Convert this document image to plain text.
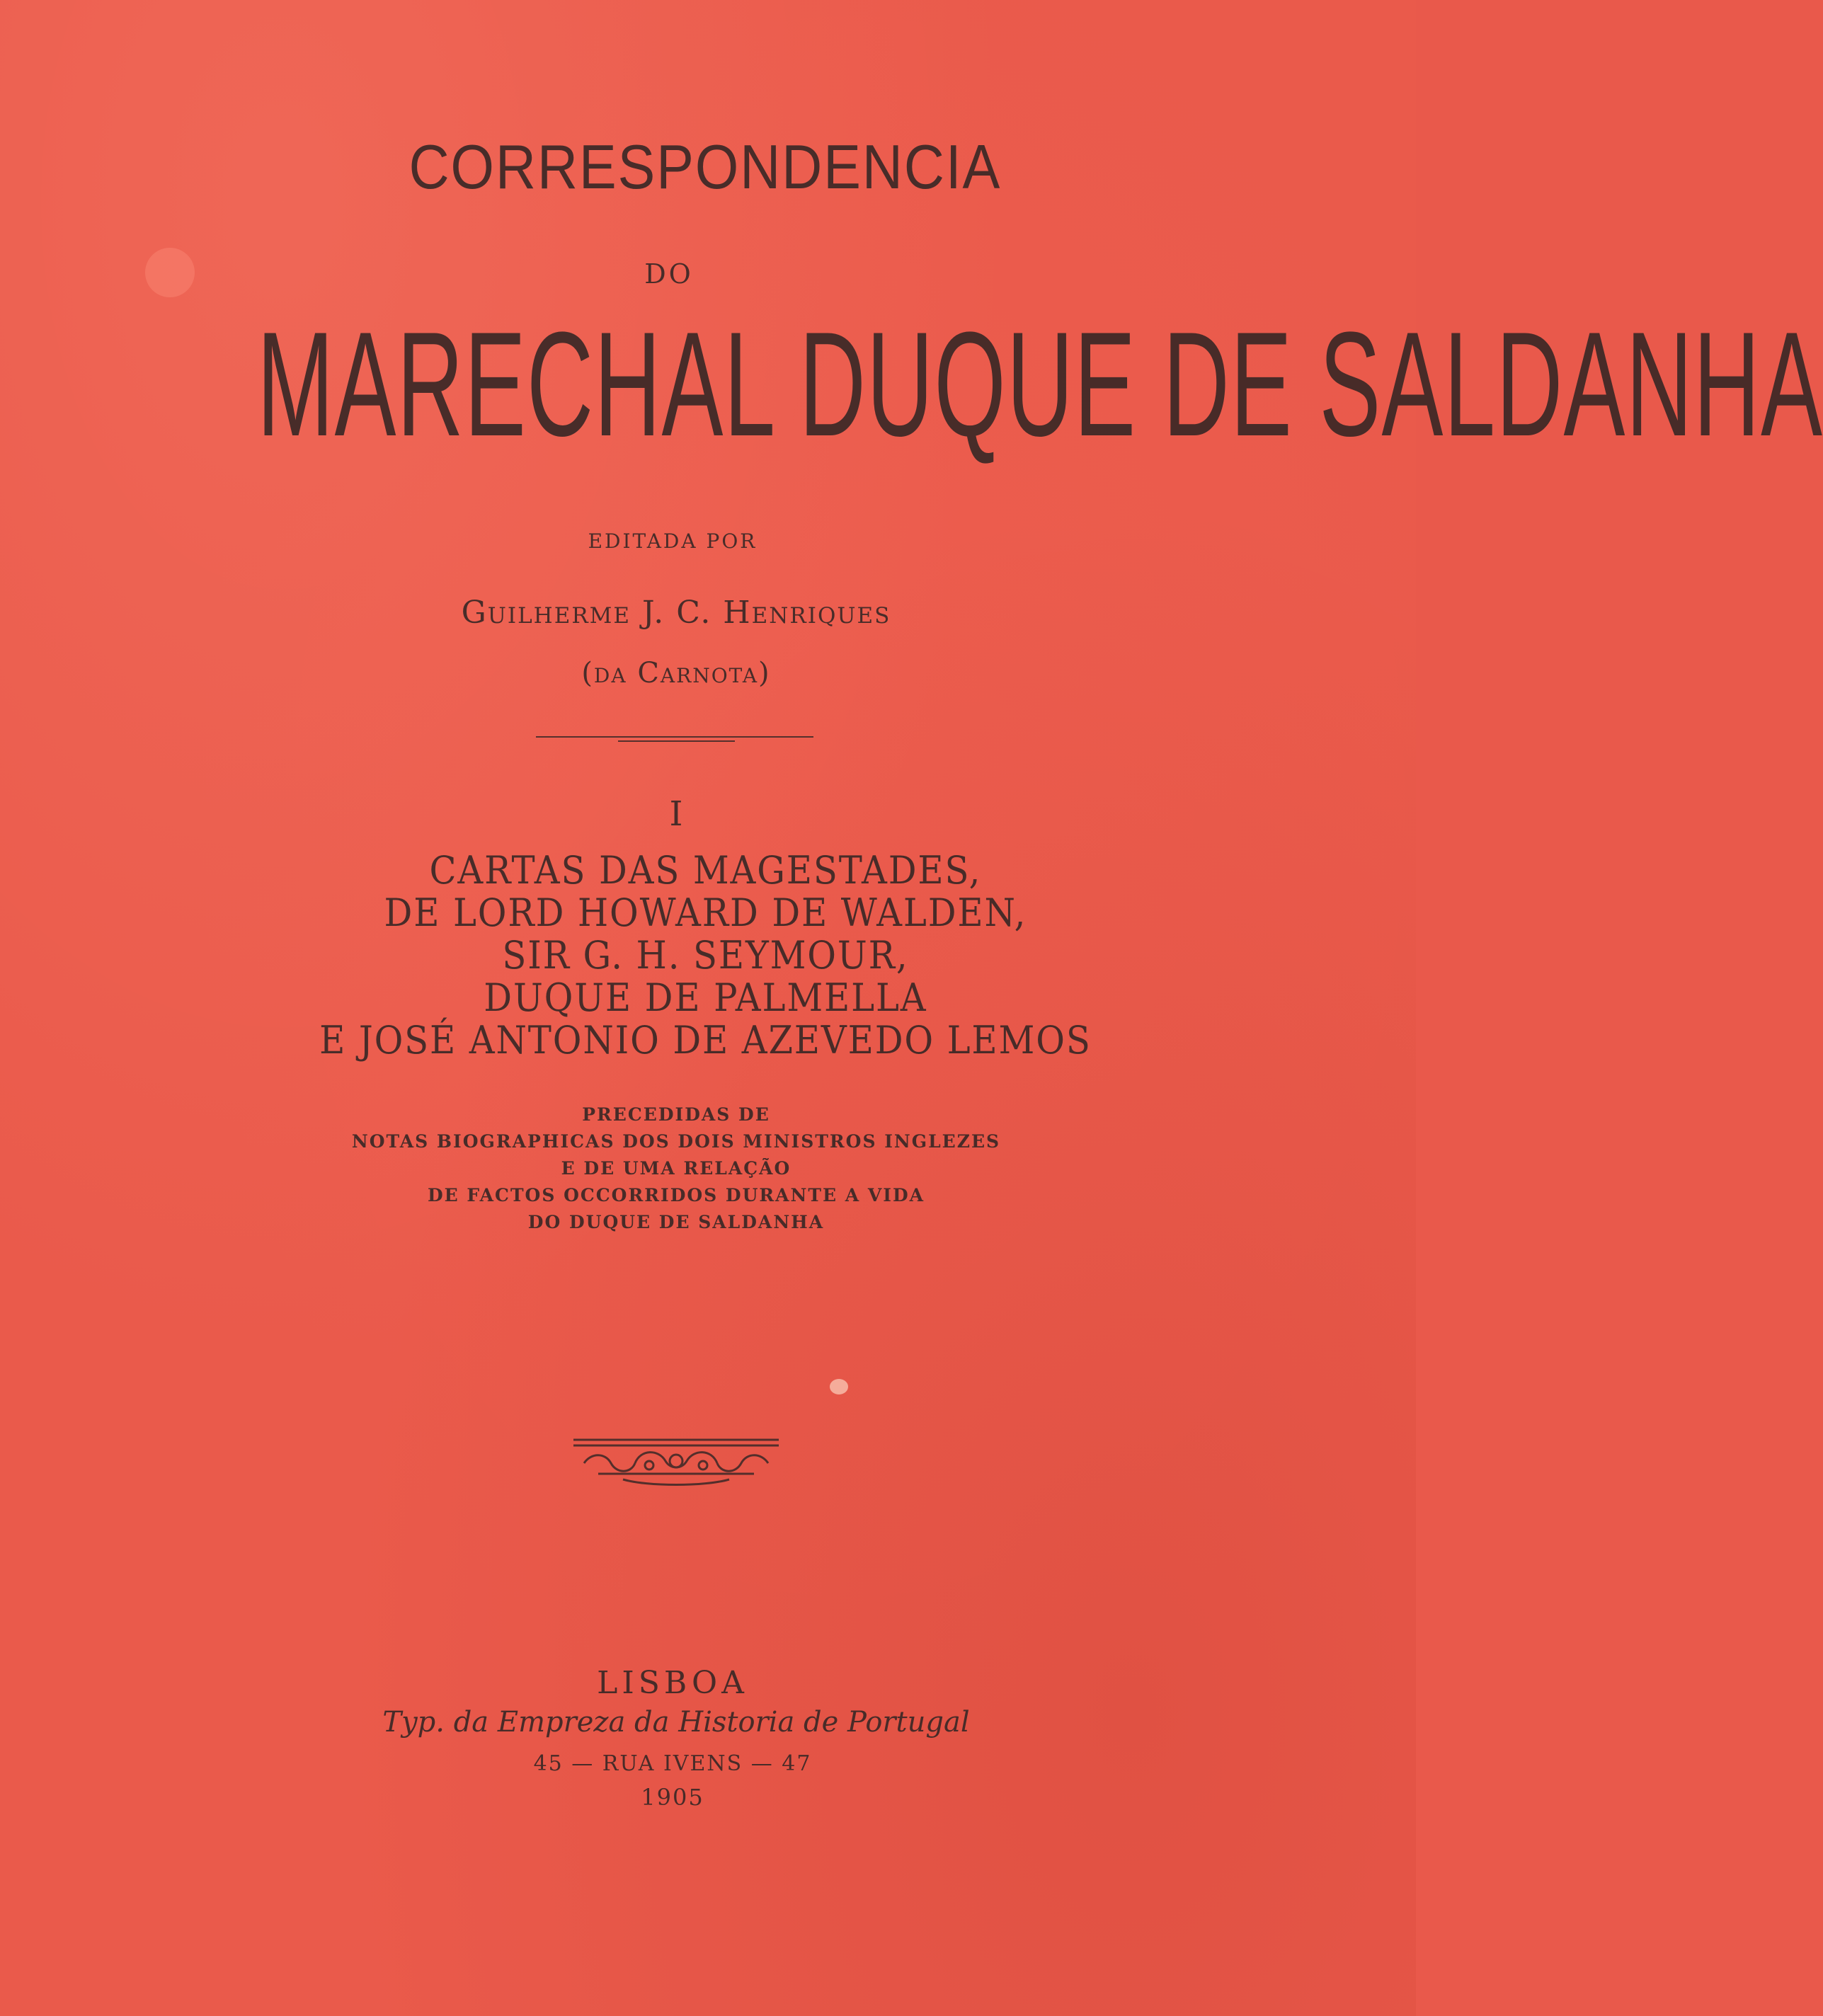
CORRESPONDENCIA
DO
MARECHAL DUQUE DE SALDANHA
EDITADA POR
Guilherme J. C. Henriques
(da Carnota)
I
CARTAS DAS MAGESTADES,
DE LORD HOWARD DE WALDEN,
SIR G. H. SEYMOUR,
DUQUE DE PALMELLA
E JOSÉ ANTONIO DE AZEVEDO LEMOS
PRECEDIDAS DE
NOTAS BIOGRAPHICAS DOS DOIS MINISTROS INGLEZES
E DE UMA RELAÇÃO
DE FACTOS OCCORRIDOS DURANTE A VIDA
DO DUQUE DE SALDANHA
LISBOA
Typ. da Empreza da Historia de Portugal
45 — RUA IVENS — 47
1905
